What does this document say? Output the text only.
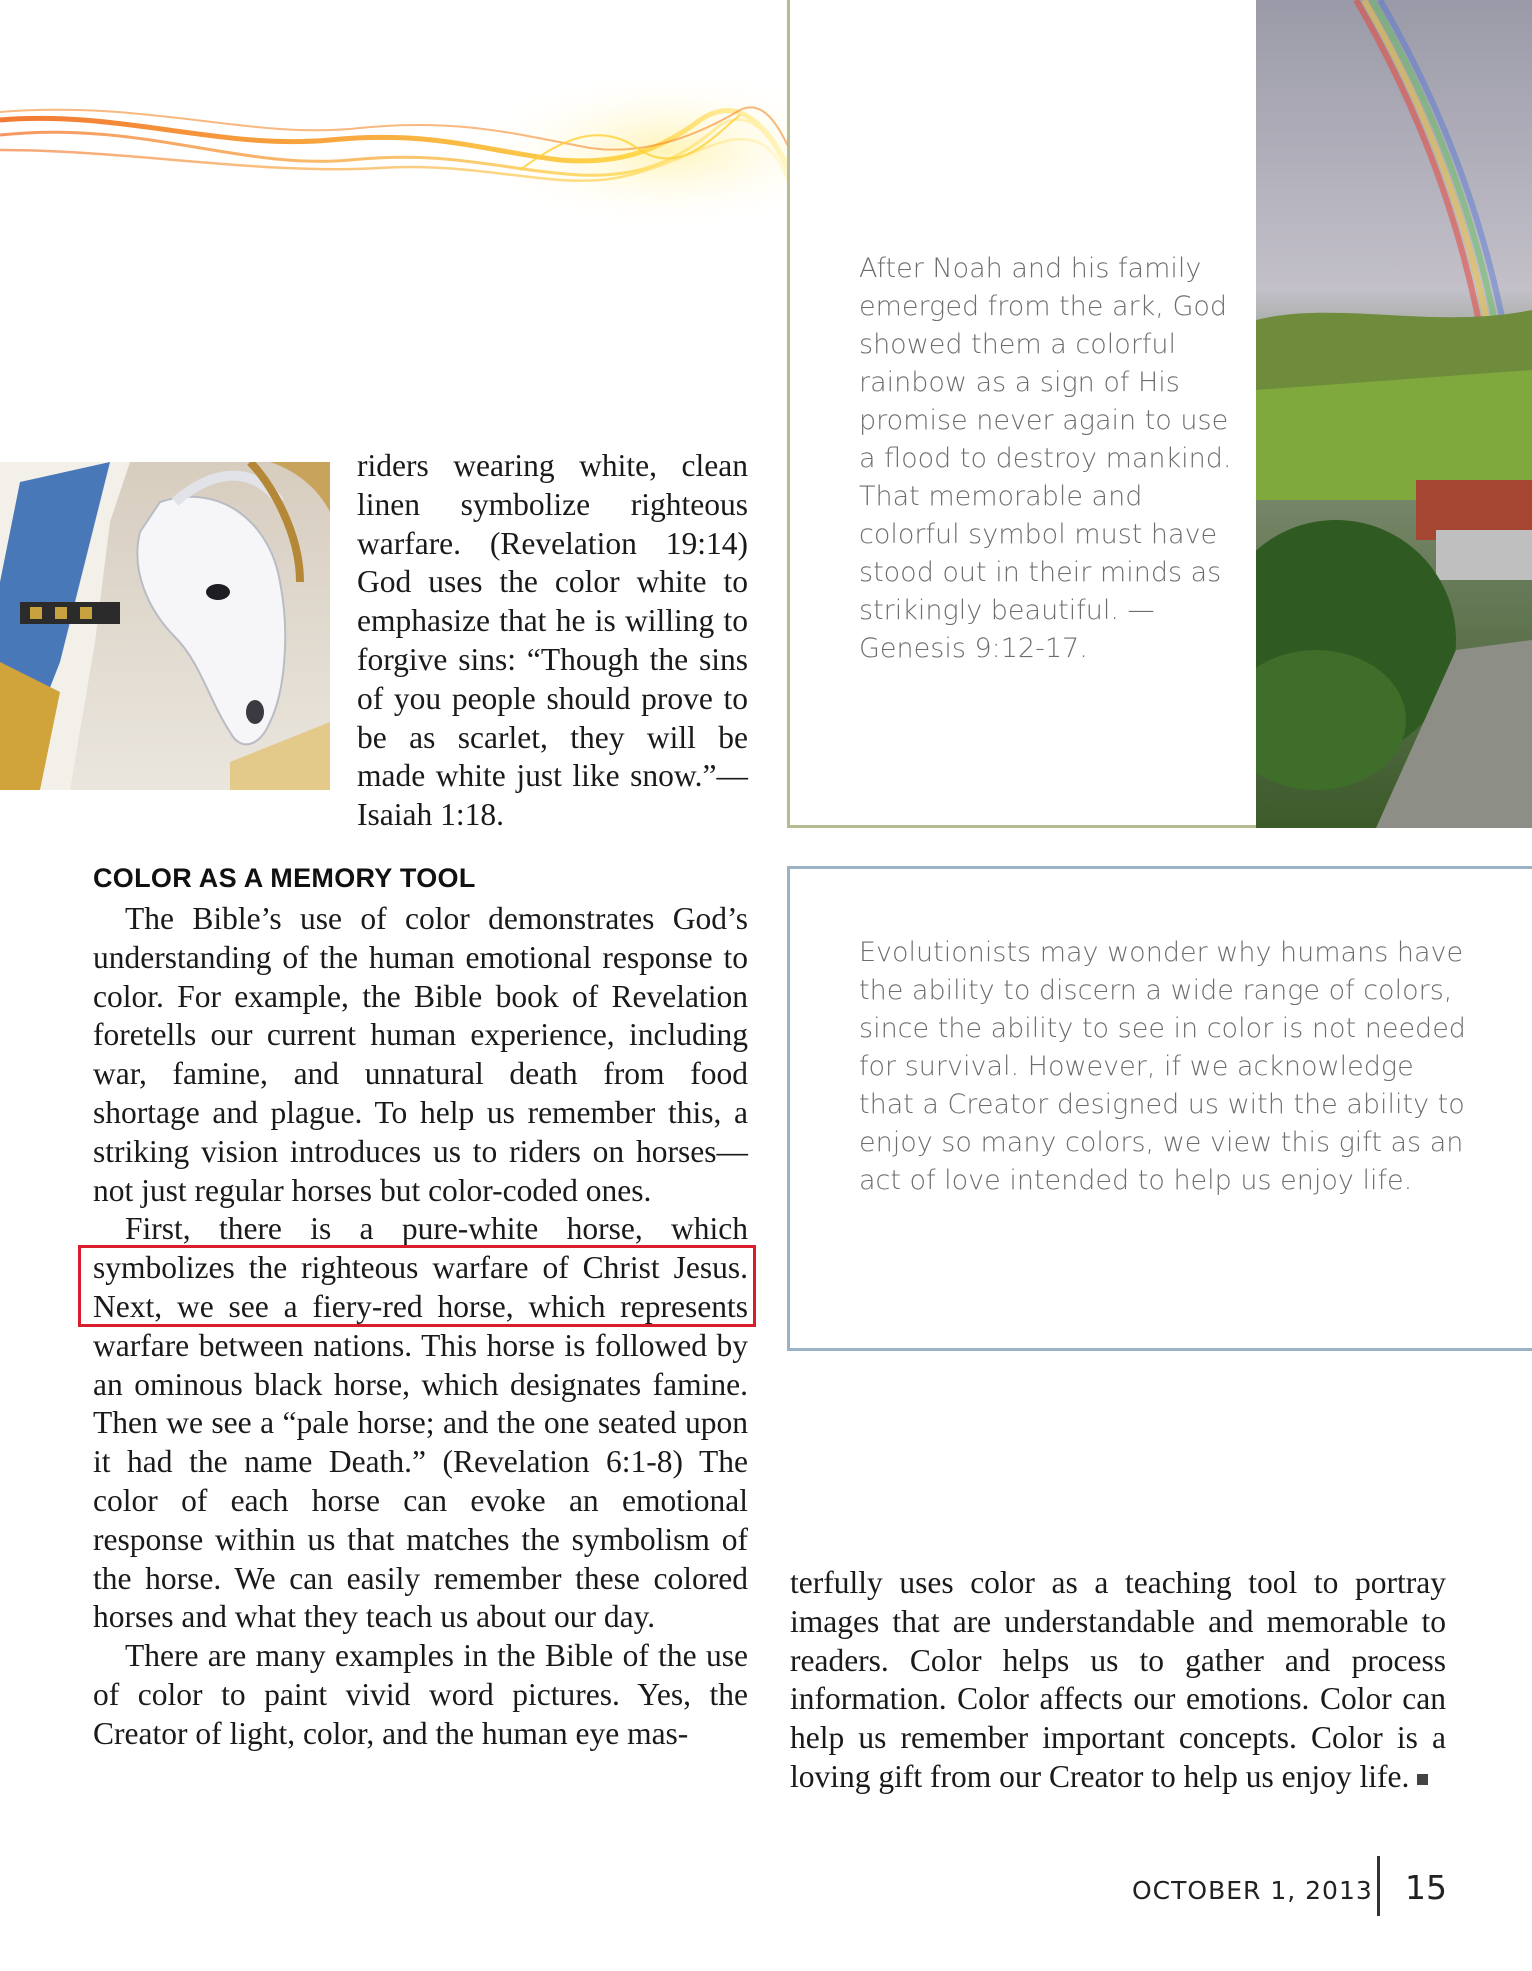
riders wearing white, clean linen symbolize righteous warfare. (Revelation 19:14) God uses the color white to emphasize that he is willing to forgive sins: “Though the sins of you people should prove to be as scarlet, they will be made white just like snow.”—Isaiah 1:18.

COLOR AS A MEMORY TOOL

The Bible’s use of color demonstrates God’s understanding of the human emotional response to color. For example, the Bible book of Revelation foretells our current human experience, including war, famine, and unnatural death from food shortage and plague. To help us remember this, a striking vision introduces us to riders on horses—not just regular horses but color-coded ones.

First, there is a pure-white horse, which symbolizes the righteous warfare of Christ Jesus. Next, we see a fiery-red horse, which represents warfare between nations. This horse is followed by an ominous black horse, which designates famine. Then we see a “pale horse; and the one seated upon it had the name Death.” (Revelation 6:1-8) The color of each horse can evoke an emotional response within us that matches the symbolism of the horse. We can easily remember these colored horses and what they teach us about our day.

There are many examples in the Bible of the use of color to paint vivid word pictures. Yes, the Creator of light, color, and the human eye mas-

After Noah and his family emerged from the ark, God showed them a colorful rainbow as a sign of His promise never again to use a flood to destroy mankind. That memorable and colorful symbol must have stood out in their minds as strikingly beautiful. —Genesis 9:12-17.

Evolutionists may wonder why humans have the ability to discern a wide range of colors, since the ability to see in color is not needed for survival. However, if we acknowledge that a Creator designed us with the ability to enjoy so many colors, we view this gift as an act of love intended to help us enjoy life.

terfully uses color as a teaching tool to portray images that are understandable and memorable to readers. Color helps us to gather and process information. Color affects our emotions. Color can help us remember important concepts. Color is a loving gift from our Creator to help us enjoy life.

OCTOBER 1, 2013 15
